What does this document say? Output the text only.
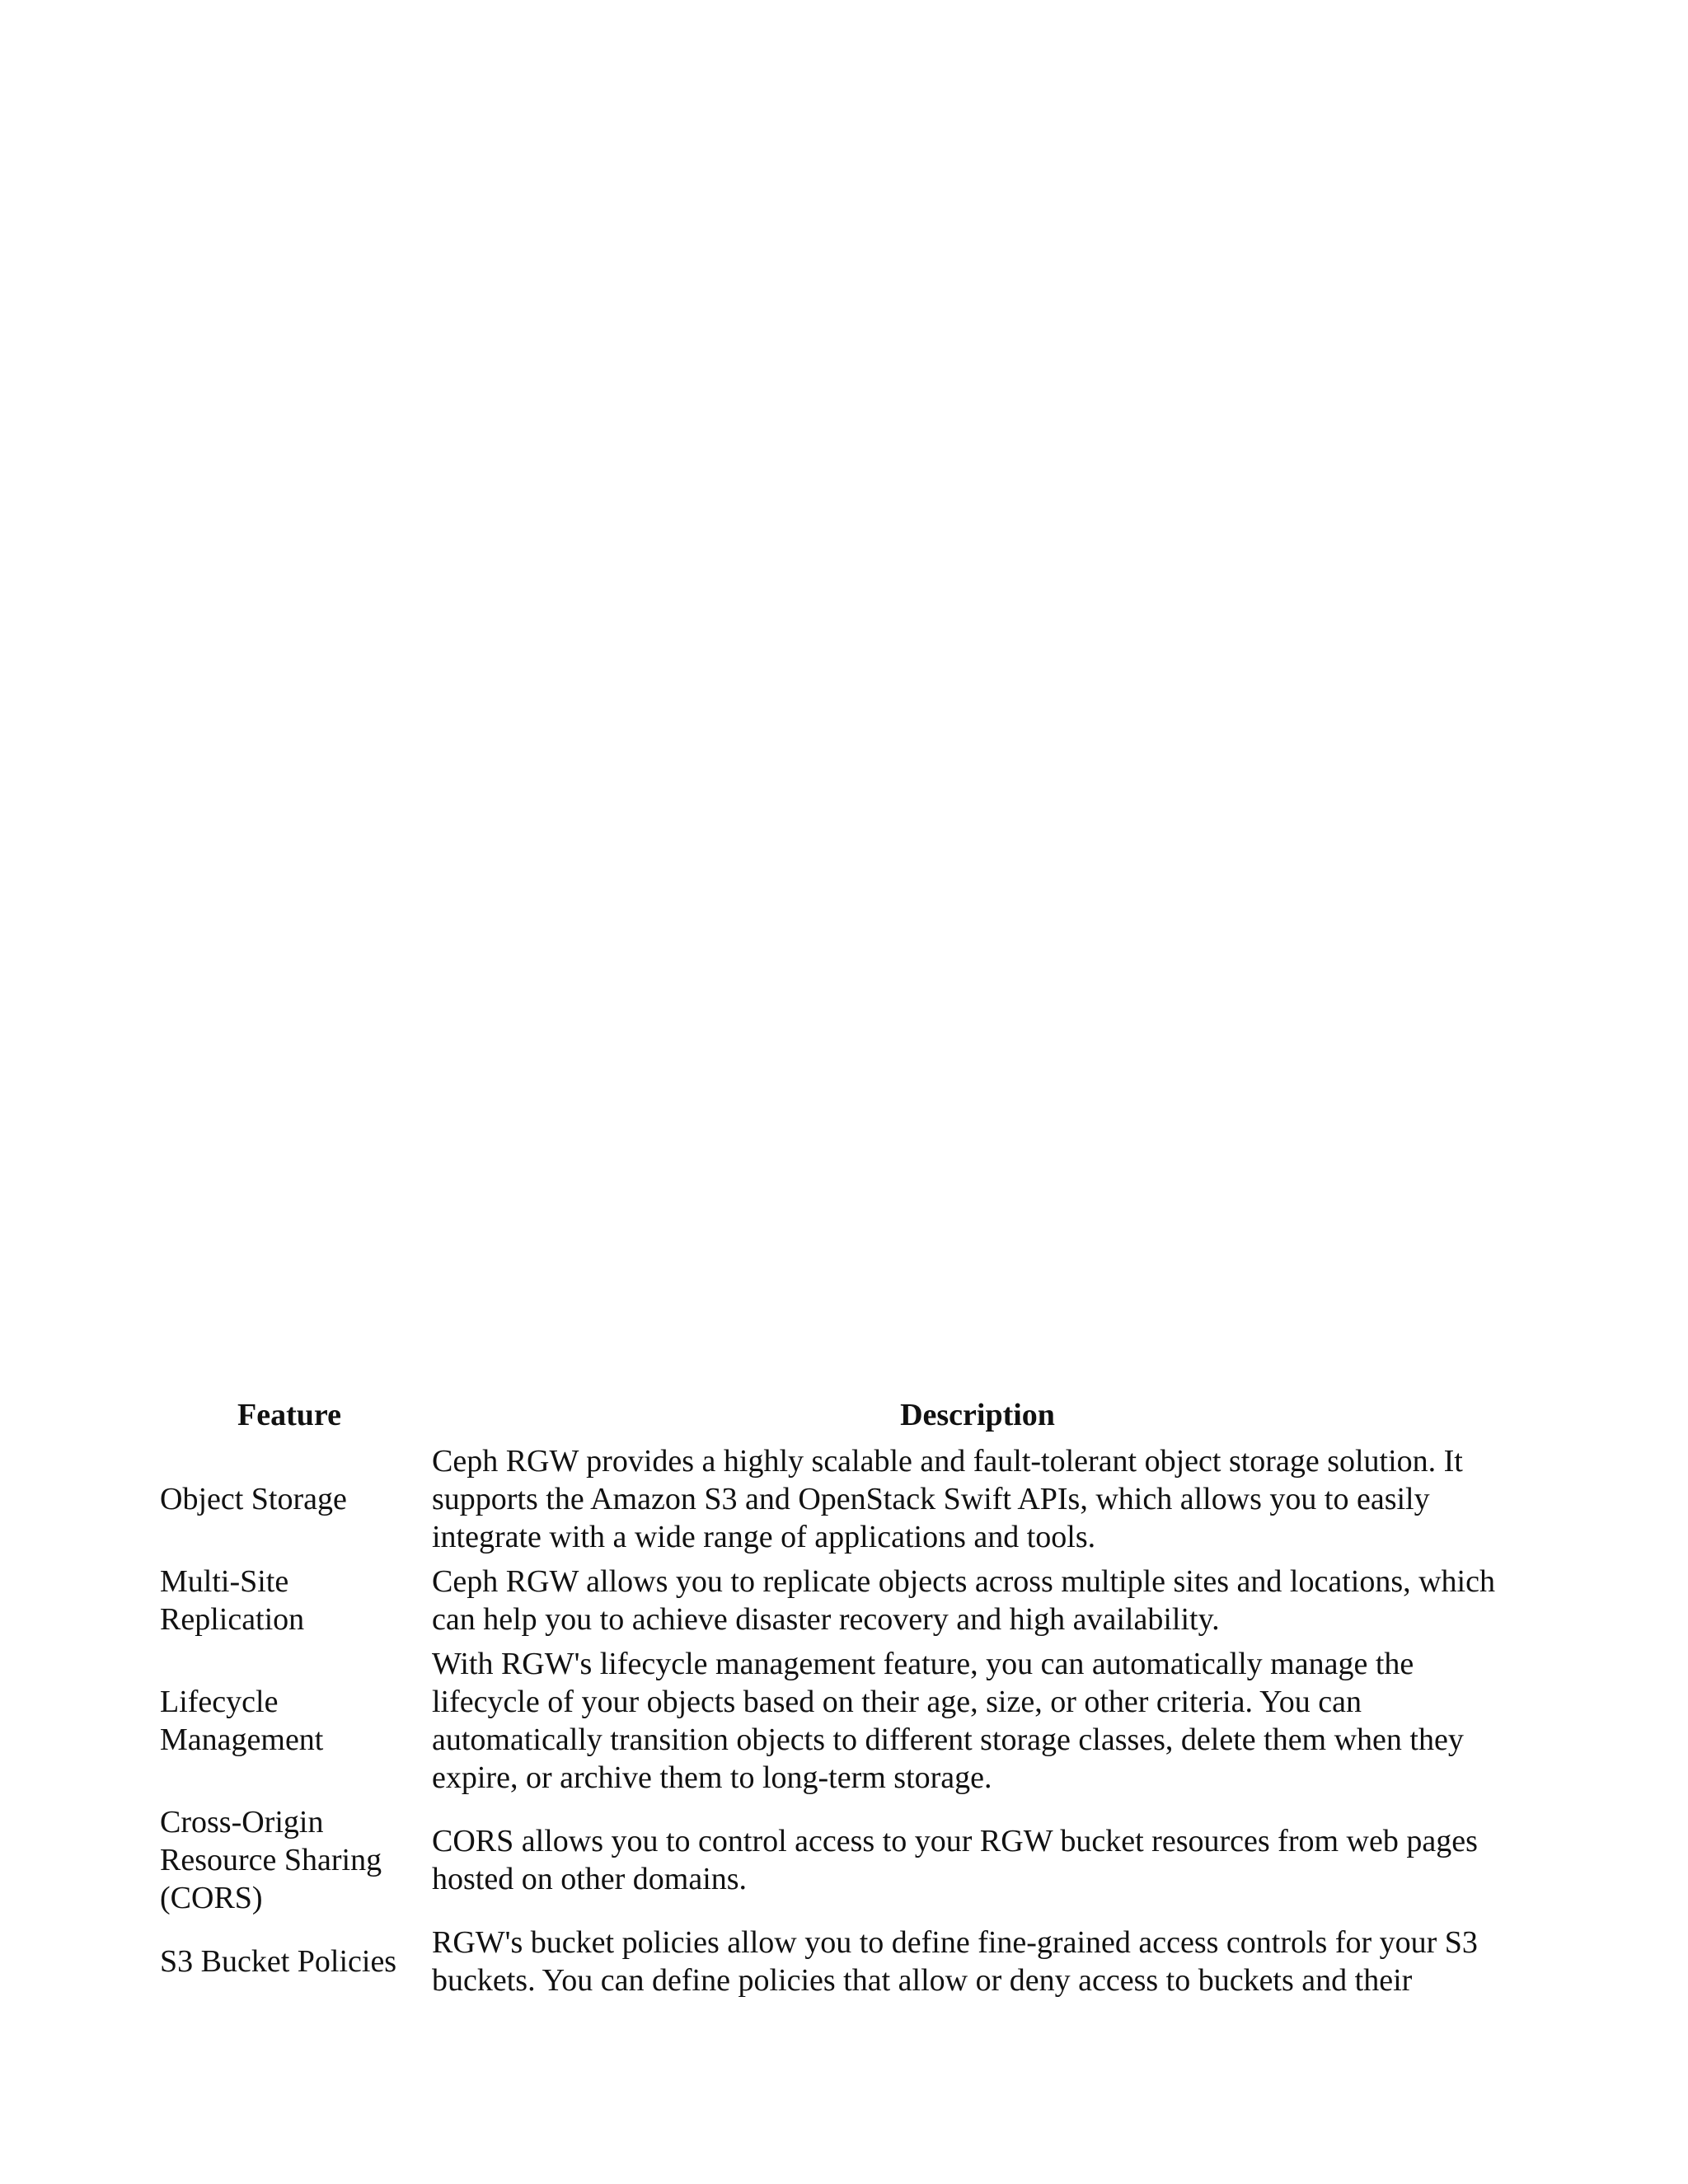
Feature	Description
Object Storage	Ceph RGW provides a highly scalable and fault-tolerant object storage solution. It supports the Amazon S3 and OpenStack Swift APIs, which allows you to easily integrate with a wide range of applications and tools.
Multi-Site Replication	Ceph RGW allows you to replicate objects across multiple sites and locations, which can help you to achieve disaster recovery and high availability.
Lifecycle Management	With RGW's lifecycle management feature, you can automatically manage the lifecycle of your objects based on their age, size, or other criteria. You can automatically transition objects to different storage classes, delete them when they expire, or archive them to long-term storage.
Cross-Origin Resource Sharing (CORS)	CORS allows you to control access to your RGW bucket resources from web pages hosted on other domains.
S3 Bucket Policies	RGW's bucket policies allow you to define fine-grained access controls for your S3 buckets. You can define policies that allow or deny access to buckets and their
